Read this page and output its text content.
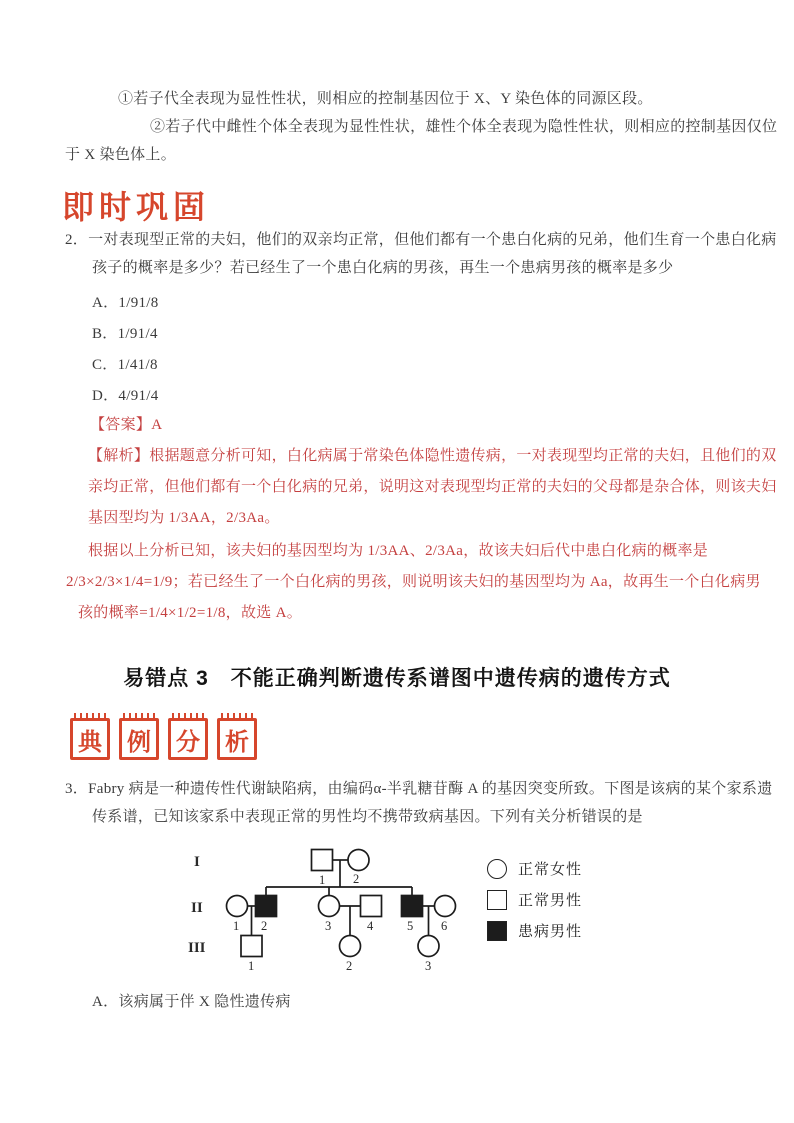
①若子代全表现为显性性状，则相应的控制基因位于 X、Y 染色体的同源区段。
②若子代中雌性个体全表现为显性性状，雄性个体全表现为隐性性状，则相应的控制基因仅位
于 X 染色体上。
即时巩固
2．一对表现型正常的夫妇，他们的双亲均正常，但他们都有一个患白化病的兄弟，他们生育一个患白化病
孩子的概率是多少？若已经生了一个患白化病的男孩，再生一个患病男孩的概率是多少
A．1/91/8
B．1/91/4
C．1/41/8
D．4/91/4
【答案】A
【解析】根据题意分析可知，白化病属于常染色体隐性遗传病，一对表现型均正常的夫妇，且他们的双
亲均正常，但他们都有一个白化病的兄弟，说明这对表现型均正常的夫妇的父母都是杂合体，则该夫妇
基因型均为 1/3AA，2/3Aa。
根据以上分析已知，该夫妇的基因型均为 1/3AA、2/3Aa，故该夫妇后代中患白化病的概率是
2/3×2/3×1/4=1/9；若已经生了一个白化病的男孩，则说明该夫妇的基因型均为 Aa，故再生一个白化病男
孩的概率=1/4×1/2=1/8，故选 A。
易错点 3　不能正确判断遗传系谱图中遗传病的遗传方式
典	例	分	析
3．Fabry 病是一种遗传性代谢缺陷病，由编码α-半乳糖苷酶 A 的基因突变所致。下图是该病的某个家系遗
传系谱，已知该家系中表现正常的男性均不携带致病基因。下列有关分析错误的是
I
II
III
1 2
1 2	3	4	5 6
1	2	3
正常女性
正常男性
患病男性
A．该病属于伴 X 隐性遗传病
